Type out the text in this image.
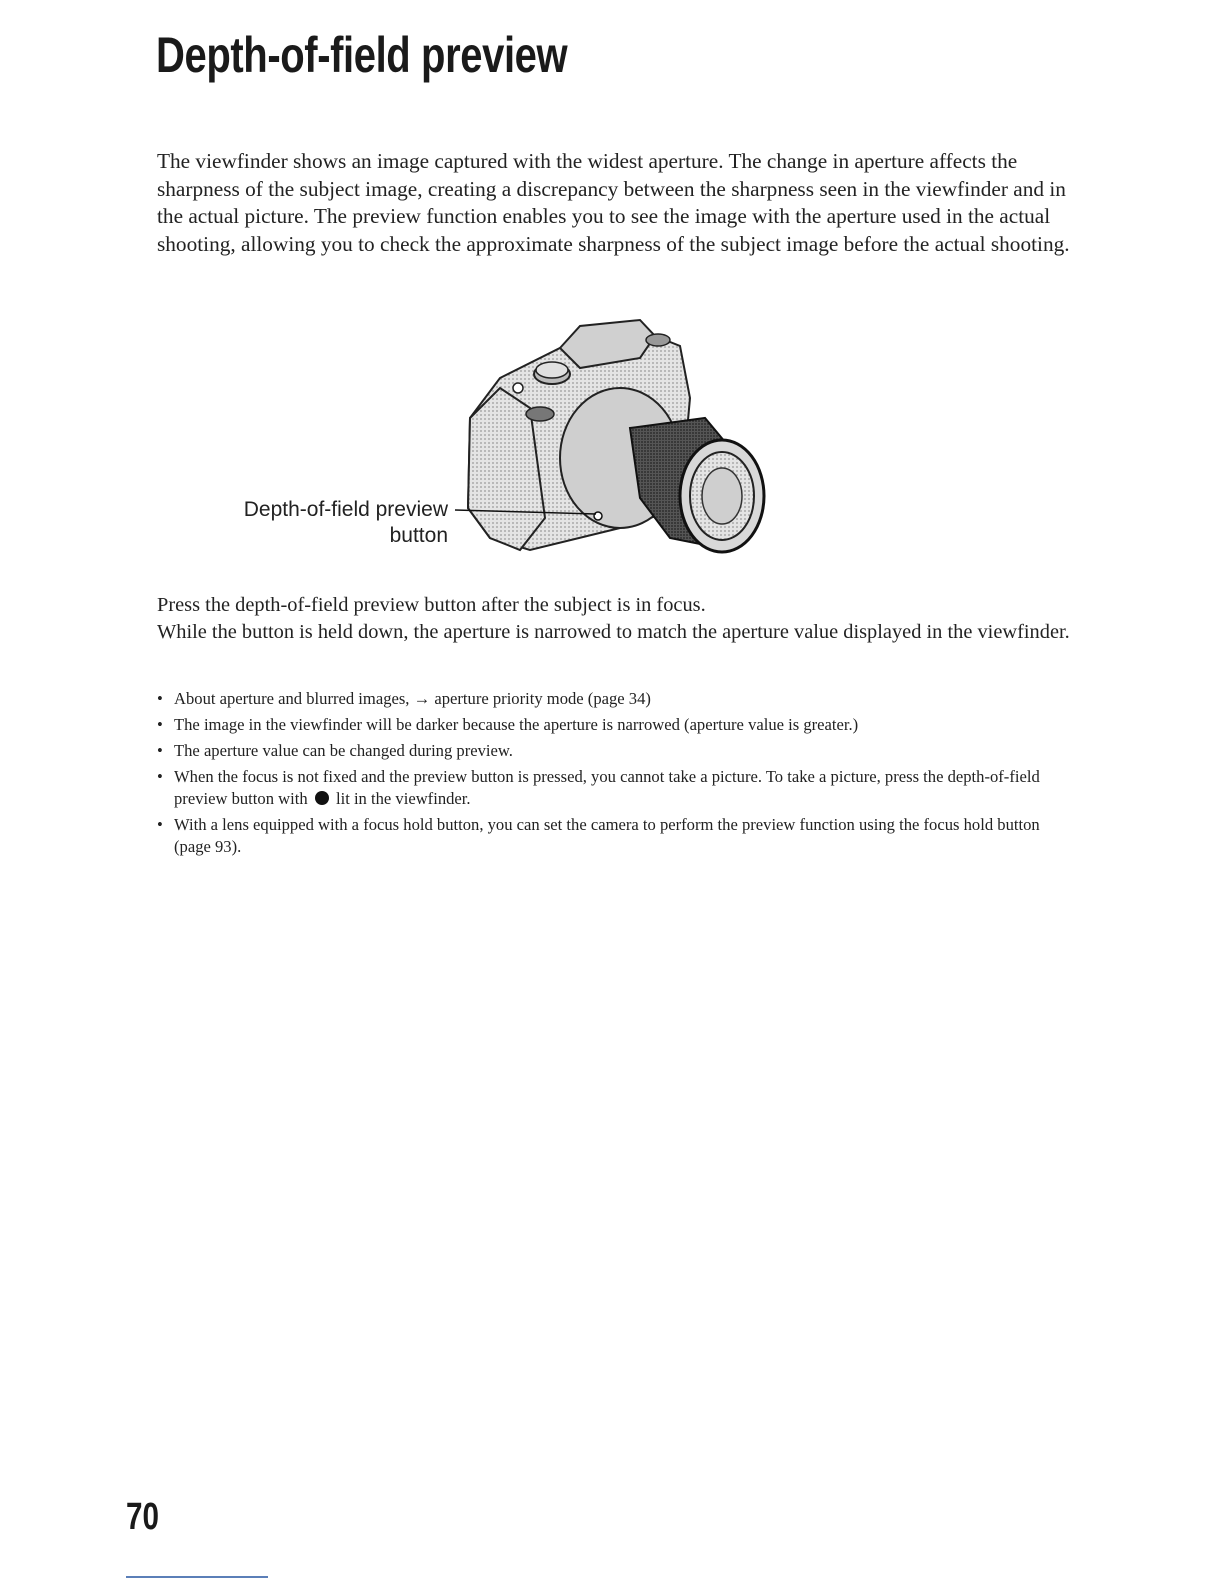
Depth-of-field preview

The viewfinder shows an image captured with the widest aperture. The change in aperture affects the sharpness of the subject image, creating a discrepancy between the sharpness seen in the viewfinder and in the actual picture. The preview function enables you to see the image with the aperture used in the actual shooting, allowing you to check the approximate sharpness of the subject image before the actual shooting.

Depth-of-field preview
button

Press the depth-of-field preview button after the subject is in focus.

While the button is held down, the aperture is narrowed to match the aperture value displayed in the viewfinder.

• About aperture and blurred images, → aperture priority mode (page 34)
• The image in the viewfinder will be darker because the aperture is narrowed (aperture value is greater.)
• The aperture value can be changed during preview.
• When the focus is not fixed and the preview button is pressed, you cannot take a picture. To take a picture, press the depth-of-field preview button with lit in the viewfinder.
• With a lens equipped with a focus hold button, you can set the camera to perform the preview function using the focus hold button (page 93).
70
